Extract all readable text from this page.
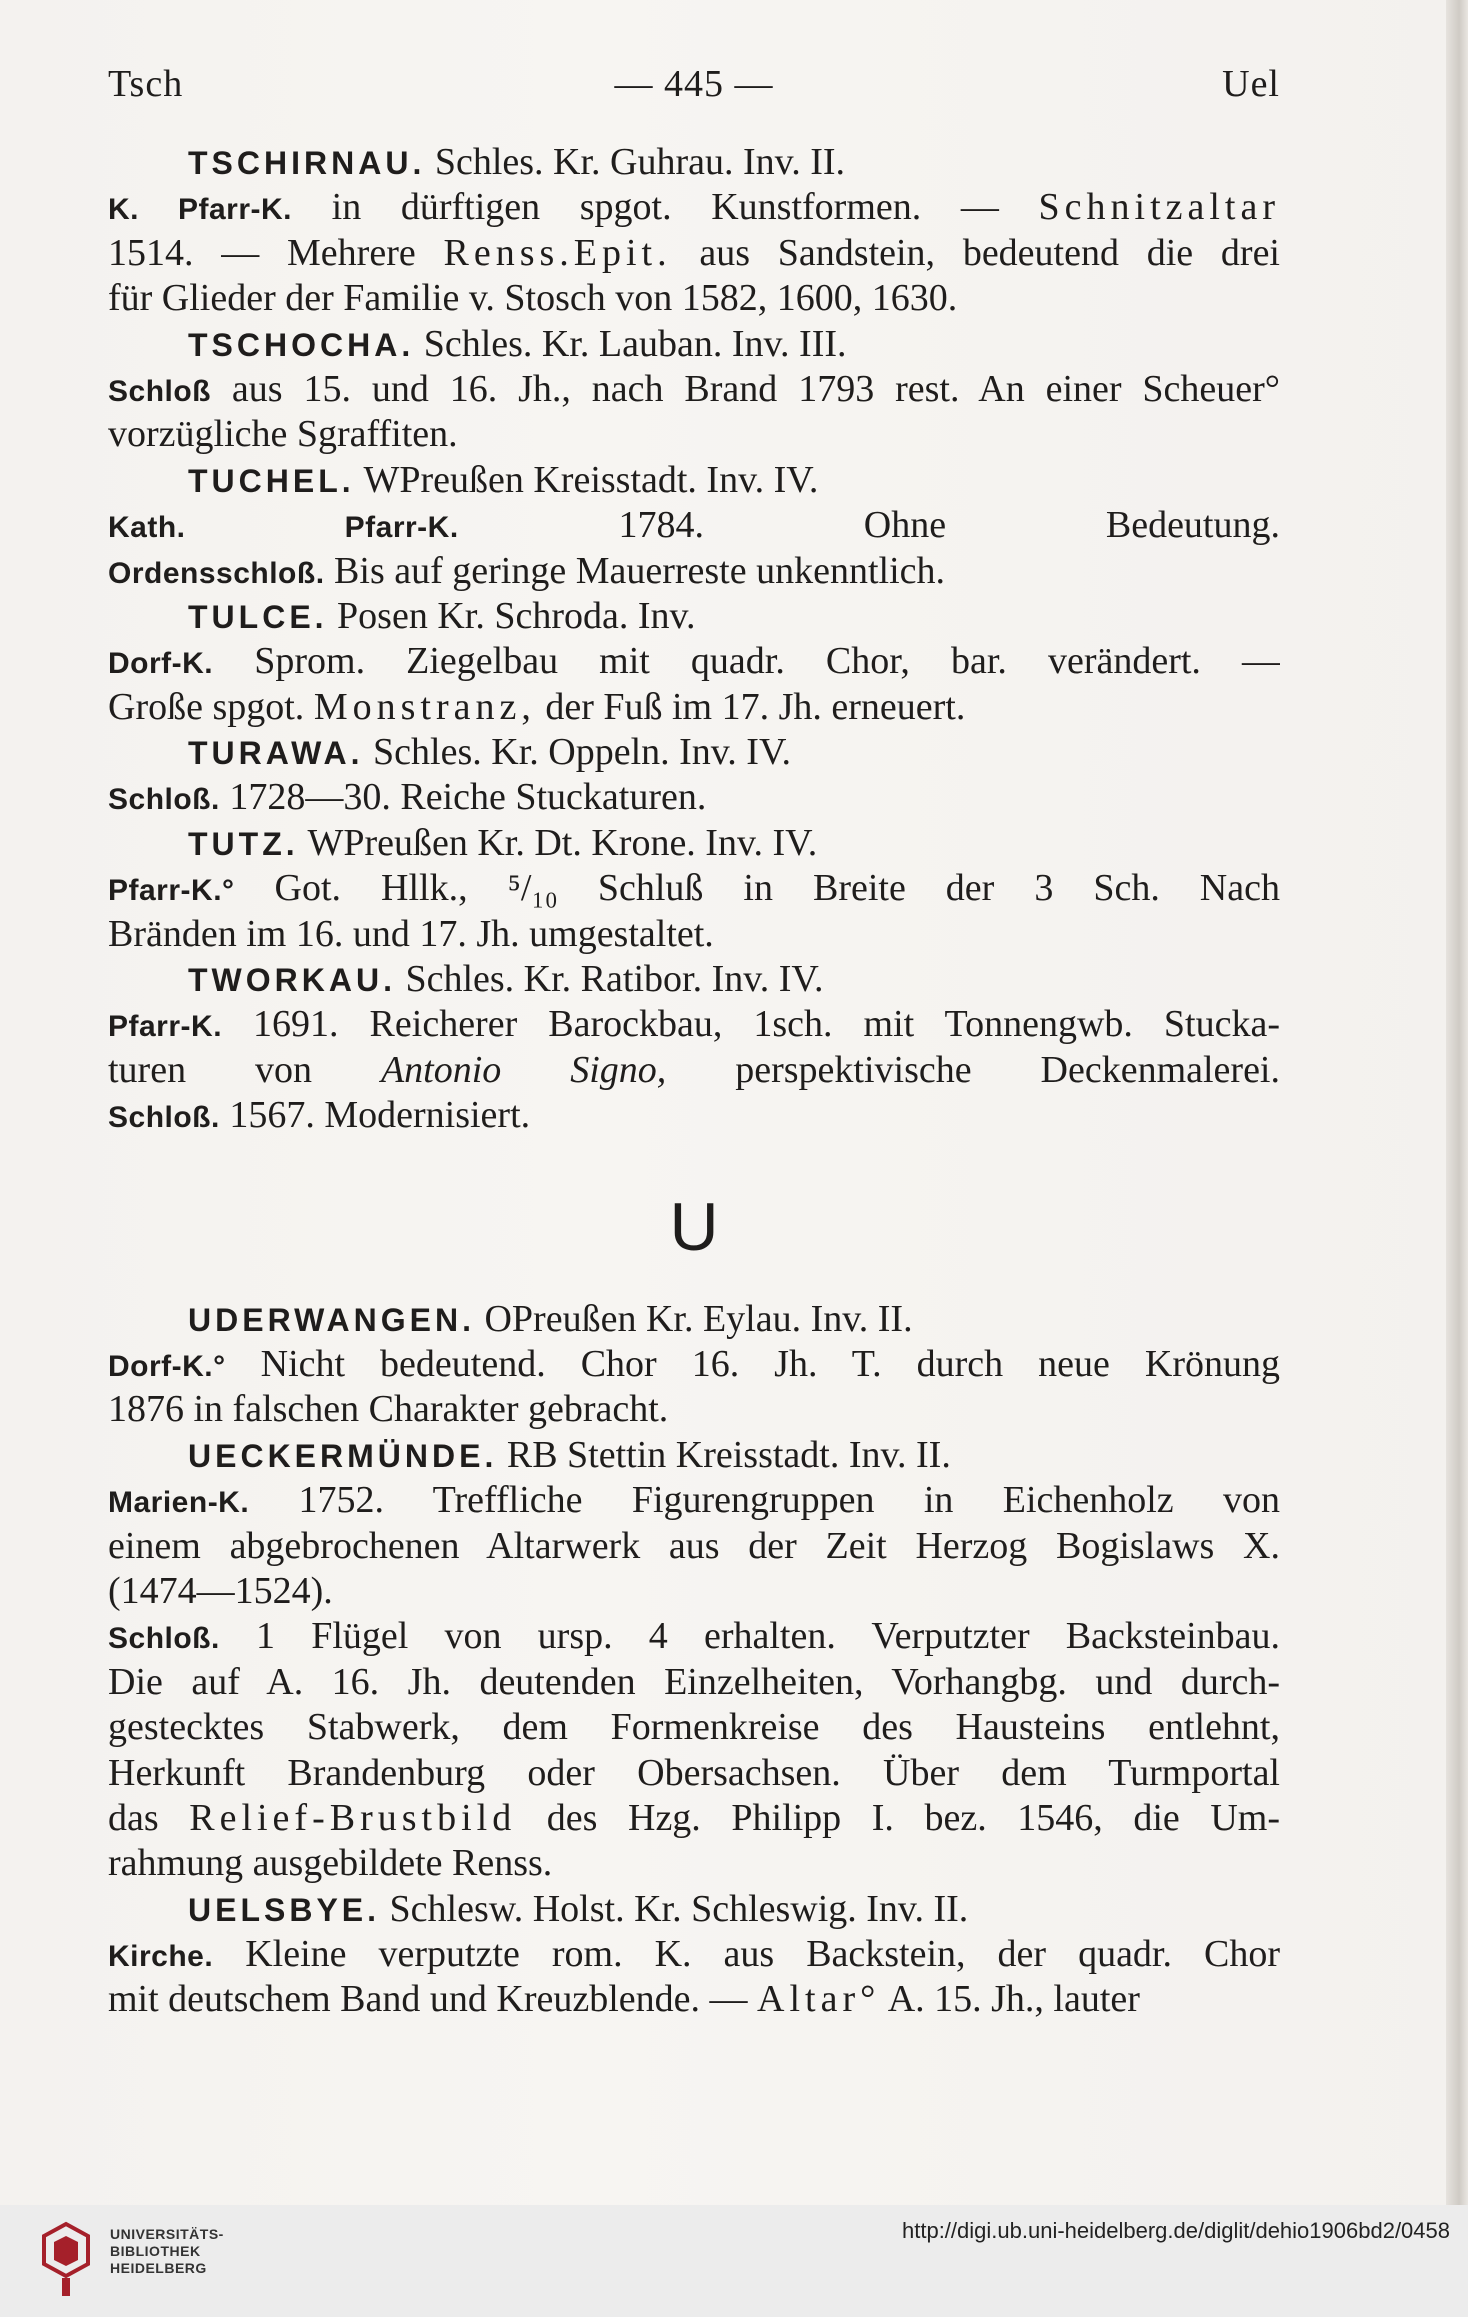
Tsch	— 445 —	Uel
TSCHIRNAU. Schles. Kr. Guhrau. Inv. II.
K. Pfarr-K. in dürftigen spgot. Kunstformen. — Schnitzaltar
1514. — Mehrere Renss.Epit. aus Sandstein, bedeutend die drei
für Glieder der Familie v. Stosch von 1582, 1600, 1630.
TSCHOCHA. Schles. Kr. Lauban. Inv. III.
Schloß aus 15. und 16. Jh., nach Brand 1793 rest. An einer Scheuer°
vorzügliche Sgraffiten.
TUCHEL. WPreußen Kreisstadt. Inv. IV.
Kath. Pfarr-K. 1784. Ohne Bedeutung.
Ordensschloß. Bis auf geringe Mauerreste unkenntlich.
TULCE. Posen Kr. Schroda. Inv.
Dorf-K. Sprom. Ziegelbau mit quadr. Chor, bar. verändert. —
Große spgot. Monstranz, der Fuß im 17. Jh. erneuert.
TURAWA. Schles. Kr. Oppeln. Inv. IV.
Schloß. 1728—30. Reiche Stuckaturen.
TUTZ. WPreußen Kr. Dt. Krone. Inv. IV.
Pfarr-K.° Got. Hllk., ⁵/₁₀ Schluß in Breite der 3 Sch. Nach
Bränden im 16. und 17. Jh. umgestaltet.
TWORKAU. Schles. Kr. Ratibor. Inv. IV.
Pfarr-K. 1691. Reicherer Barockbau, 1sch. mit Tonnengwb. Stucka-
turen von Antonio Signo, perspektivische Deckenmalerei.
Schloß. 1567. Modernisiert.
U
UDERWANGEN. OPreußen Kr. Eylau. Inv. II.
Dorf-K.° Nicht bedeutend. Chor 16. Jh. T. durch neue Krönung
1876 in falschen Charakter gebracht.
UECKERMÜNDE. RB Stettin Kreisstadt. Inv. II.
Marien-K. 1752. Treffliche Figurengruppen in Eichenholz von
einem abgebrochenen Altarwerk aus der Zeit Herzog Bogislaws X.
(1474—1524).
Schloß. 1 Flügel von ursp. 4 erhalten. Verputzter Backsteinbau.
Die auf A. 16. Jh. deutenden Einzelheiten, Vorhangbg. und durch-
gestecktes Stabwerk, dem Formenkreise des Hausteins entlehnt,
Herkunft Brandenburg oder Obersachsen. Über dem Turmportal
das Relief-Brustbild des Hzg. Philipp I. bez. 1546, die Um-
rahmung ausgebildete Renss.
UELSBYE. Schlesw. Holst. Kr. Schleswig. Inv. II.
Kirche. Kleine verputzte rom. K. aus Backstein, der quadr. Chor
mit deutschem Band und Kreuzblende. — Altar° A. 15. Jh., lauter
UNIVERSITÄTS-
BIBLIOTHEK
HEIDELBERG
http://digi.ub.uni-heidelberg.de/diglit/dehio1906bd2/0458
